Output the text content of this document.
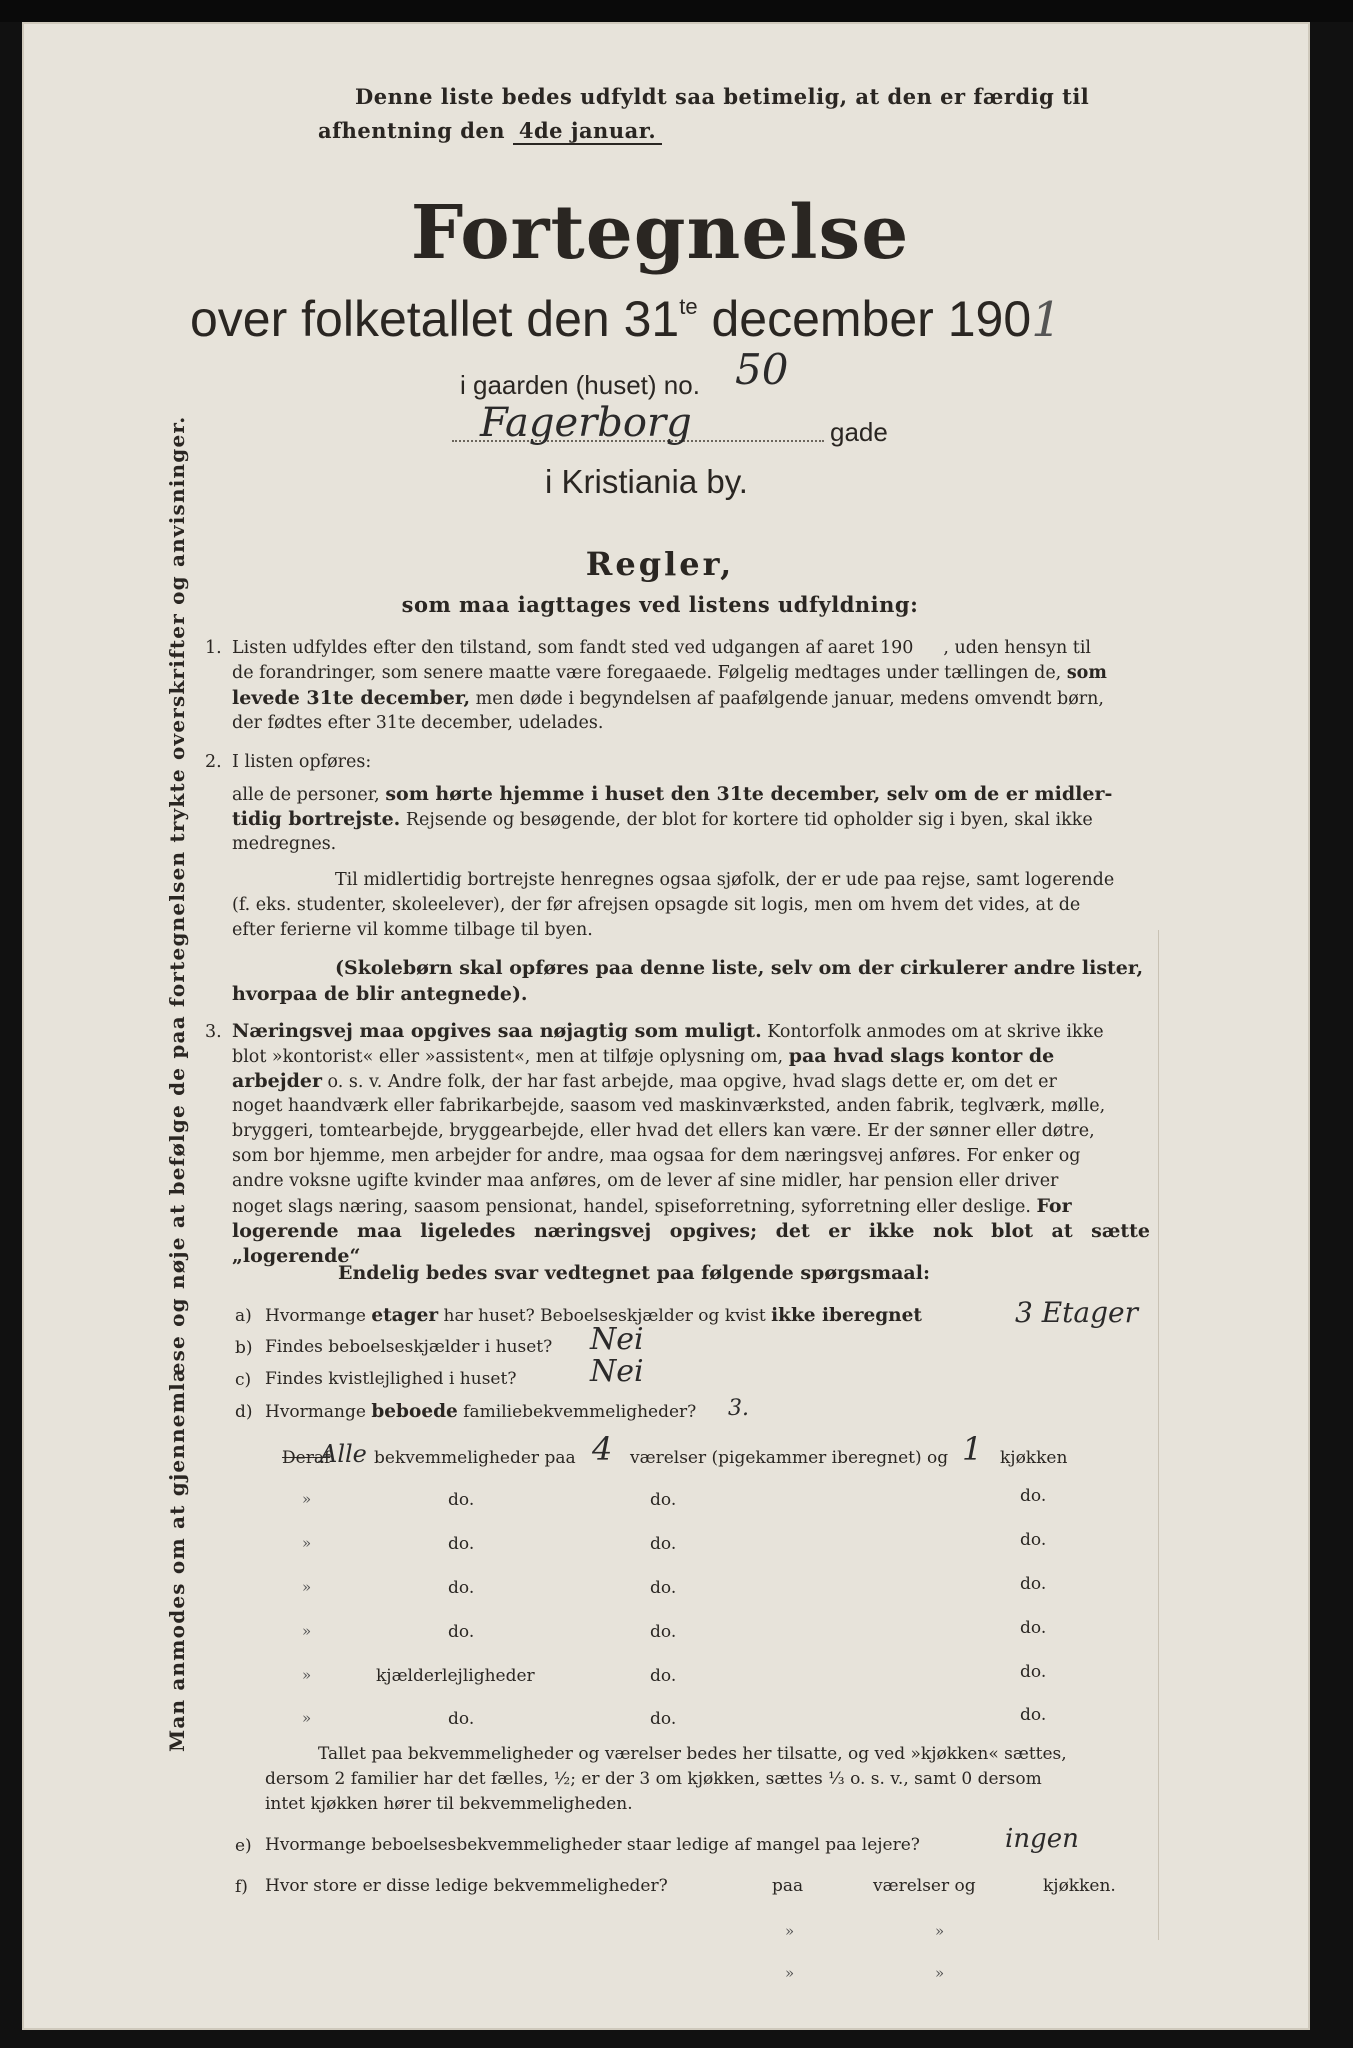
Denne liste bedes udfyldt saa betimelig, at den er færdig til
afhentning den 4de januar.
Fortegnelse
over folketallet den $31^{te}$ december 1901
i gaarden (huset) no. 50
Fagerborg	gade
i Kristiania by.
Regler,
som maa iagttages ved listens udfyldning:
1. Listen udfyldes efter den tilstand, som fandt sted ved udgangen af aaret 190 , uden hensyn til
de forandringer, som senere maatte være foregaaede. Følgelig medtages under tællingen de, som
levede 31te december, men døde i begyndelsen af paafølgende januar, medens omvendt børn,
der fødtes efter 31te december, udelades.
2. I listen opføres:
alle de personer, som hørte hjemme i huset den 31te december, selv om de er midler-
tidig bortrejste. Rejsende og besøgende, der blot for kortere tid opholder sig i byen, skal ikke
medregnes.
Til midlertidig bortrejste henregnes ogsaa sjøfolk, der er ude paa rejse, samt logerende
(f. eks. studenter, skoleelever), der før afrejsen opsagde sit logis, men om hvem det vides, at de
efter ferierne vil komme tilbage til byen.
(Skolebørn skal opføres paa denne liste, selv om der cirkulerer andre lister,
hvorpaa de blir antegnede).
3. Næringsvej maa opgives saa nøjagtig som muligt. Kontorfolk anmodes om at skrive ikke
blot »kontorist« eller »assistent«, men at tilføje oplysning om, paa hvad slags kontor de
arbejder o. s. v. Andre folk, der har fast arbejde, maa opgive, hvad slags dette er, om det er
noget haandværk eller fabrikarbejde, saasom ved maskinværksted, anden fabrik, teglværk, mølle,
bryggeri, tomtearbejde, bryggearbejde, eller hvad det ellers kan være. Er der sønner eller døtre,
som bor hjemme, men arbejder for andre, maa ogsaa for dem næringsvej anføres. For enker og
andre voksne ugifte kvinder maa anføres, om de lever af sine midler, har pension eller driver
noget slags næring, saasom pensionat, handel, spiseforretning, syforretning eller deslige. For
logerende maa ligeledes næringsvej opgives; det er ikke nok blot at sætte „logerende“
Endelig bedes svar vedtegnet paa følgende spørgsmaal:
a) Hvormange etager har huset? Beboelseskjælder og kvist ikke iberegnet	3 Etager
b) Findes beboelseskjælder i huset? Nei
c) Findes kvistlejlighed i huset? Nei
d) Hvormange beboede familiebekvemmeligheder? 3.
Deraf
Alle bekvemmeligheder paa 4 værelser (pigekammer iberegnet) og 1 kjøkken
»	do.	do.	do.
»	do.	do.	do.
»	do.	do.	do.
»	do.	do.	do.
»	kjælderlejligheder	do.	do.
»	do.	do.	do.
Tallet paa bekvemmeligheder og værelser bedes her tilsatte, og ved »kjøkken« sættes,
dersom 2 familier har det fælles, ½; er der 3 om kjøkken, sættes ⅓ o. s. v., samt 0 dersom
intet kjøkken hører til bekvemmeligheden.
e) Hvormange beboelsesbekvemmeligheder staar ledige af mangel paa lejere?	ingen
f) Hvor store er disse ledige bekvemmeligheder?	paa	værelser og	kjøkken.
»	»
»	»
Man anmodes om at gjennemlæse og nøje at befølge de paa fortegnelsen trykte overskrifter og anvisninger.
